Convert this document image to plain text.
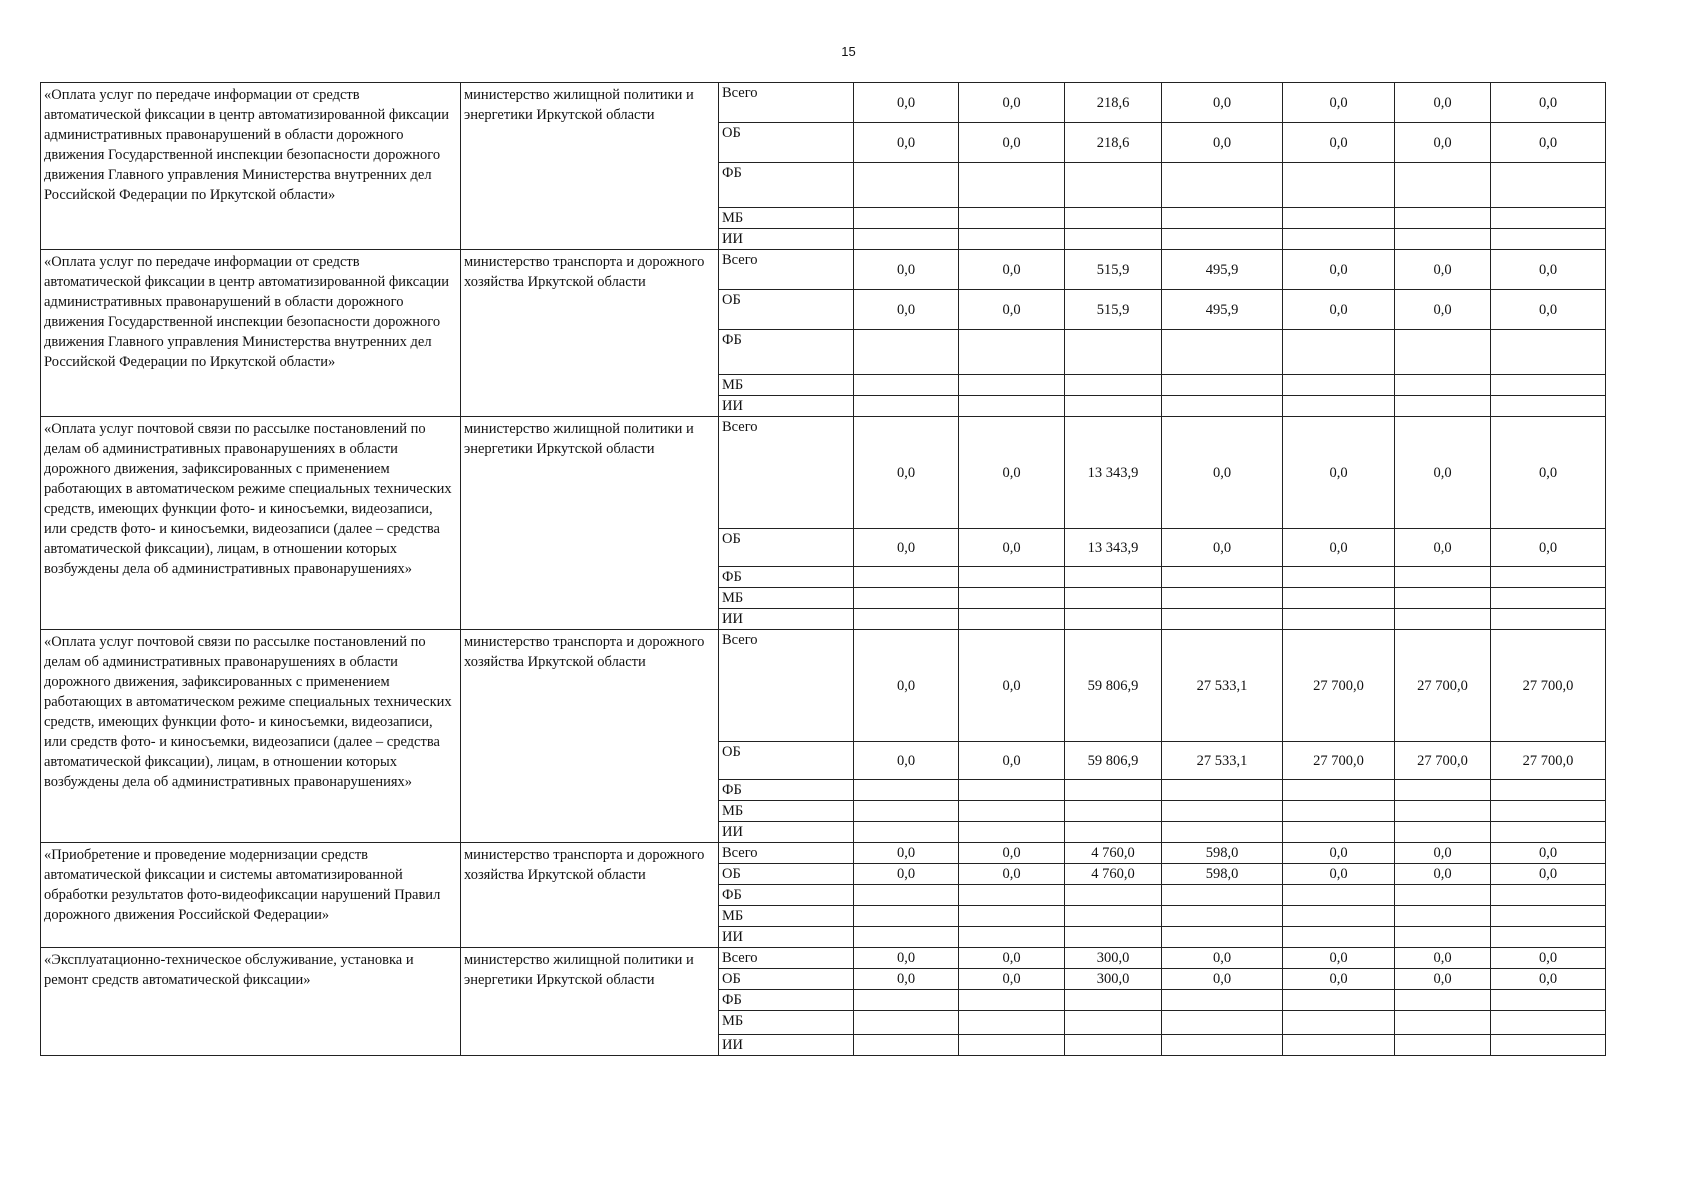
15
«Оплата услуг по передаче информации от средств автоматической фиксации в центр автоматизированной фиксации административных правонарушений в области дорожного движения Государственной инспекции безопасности дорожного движения Главного управления Министерства внутренних дел Российской Федерации по Иркутской области»	министерство жилищной политики и энергетики Иркутской области	Всего	0,0	0,0	218,6	0,0	0,0	0,0	0,0
		ОБ	0,0	0,0	218,6	0,0	0,0	0,0	0,0
		ФБ							
		МБ							
		ИИ							
«Оплата услуг по передаче информации от средств автоматической фиксации в центр автоматизированной фиксации административных правонарушений в области дорожного движения Государственной инспекции безопасности дорожного движения Главного управления Министерства внутренних дел Российской Федерации по Иркутской области»	министерство транспорта и дорожного хозяйства Иркутской области	Всего	0,0	0,0	515,9	495,9	0,0	0,0	0,0
		ОБ	0,0	0,0	515,9	495,9	0,0	0,0	0,0
		ФБ							
		МБ							
		ИИ							
«Оплата услуг почтовой связи по рассылке постановлений по делам об административных правонарушениях в области дорожного движения, зафиксированных с применением работающих в автоматическом режиме специальных технических средств, имеющих функции фото- и киносъемки, видеозаписи, или средств фото- и киносъемки, видеозаписи (далее – средства автоматической фиксации), лицам, в отношении которых возбуждены дела об административных правонарушениях»	министерство жилищной политики и энергетики Иркутской области	Всего	0,0	0,0	13 343,9	0,0	0,0	0,0	0,0
		ОБ	0,0	0,0	13 343,9	0,0	0,0	0,0	0,0
		ФБ							
		МБ							
		ИИ							
«Оплата услуг почтовой связи по рассылке постановлений по делам об административных правонарушениях в области дорожного движения, зафиксированных с применением работающих в автоматическом режиме специальных технических средств, имеющих функции фото- и киносъемки, видеозаписи, или средств фото- и киносъемки, видеозаписи (далее – средства автоматической фиксации), лицам, в отношении которых возбуждены дела об административных правонарушениях»	министерство транспорта и дорожного хозяйства Иркутской области	Всего	0,0	0,0	59 806,9	27 533,1	27 700,0	27 700,0	27 700,0
		ОБ	0,0	0,0	59 806,9	27 533,1	27 700,0	27 700,0	27 700,0
		ФБ							
		МБ							
		ИИ							
«Приобретение и проведение модернизации средств автоматической фиксации и системы автоматизированной обработки результатов фото-видеофиксации нарушений Правил дорожного движения Российской Федерации»	министерство транспорта и дорожного хозяйства Иркутской области	Всего	0,0	0,0	4 760,0	598,0	0,0	0,0	0,0
		ОБ	0,0	0,0	4 760,0	598,0	0,0	0,0	0,0
		ФБ							
		МБ							
		ИИ							
«Эксплуатационно-техническое обслуживание, установка и ремонт средств автоматической фиксации»	министерство жилищной политики и энергетики Иркутской области	Всего	0,0	0,0	300,0	0,0	0,0	0,0	0,0
		ОБ	0,0	0,0	300,0	0,0	0,0	0,0	0,0
		ФБ							
		МБ							
		ИИ							
